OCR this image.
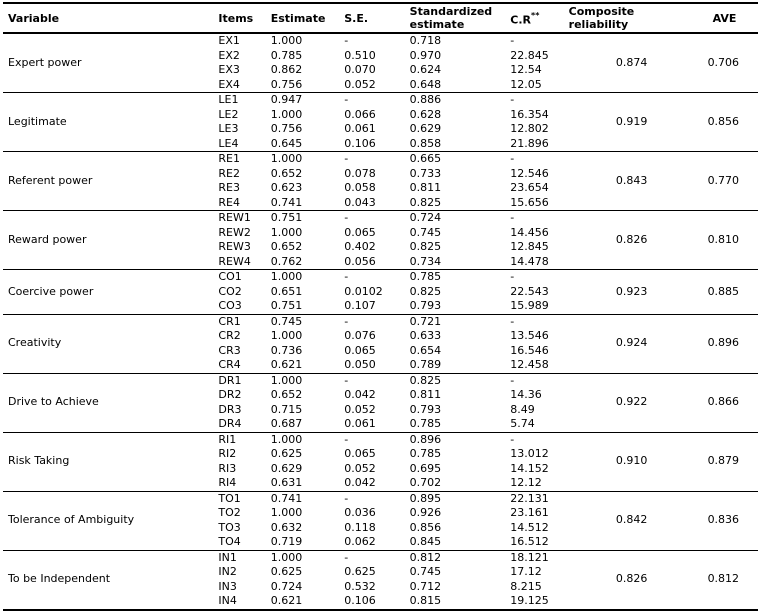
Variable	Items	Estimate	S.E.	Standardized estimate	C.R**	Composite reliability	AVE
Expert power	EX1	1.000	-	0.718	-	0.874	0.706
	EX2	0.785	0.510	0.970	22.845		
	EX3	0.862	0.070	0.624	12.54		
	EX4	0.756	0.052	0.648	12.05		
Legitimate	LE1	0.947	-	0.886	-	0.919	0.856
	LE2	1.000	0.066	0.628	16.354		
	LE3	0.756	0.061	0.629	12.802		
	LE4	0.645	0.106	0.858	21.896		
Referent power	RE1	1.000	-	0.665	-	0.843	0.770
	RE2	0.652	0.078	0.733	12.546		
	RE3	0.623	0.058	0.811	23.654		
	RE4	0.741	0.043	0.825	15.656		
Reward power	REW1	0.751	-	0.724	-	0.826	0.810
	REW2	1.000	0.065	0.745	14.456		
	REW3	0.652	0.402	0.825	12.845		
	REW4	0.762	0.056	0.734	14.478		
Coercive power	CO1	1.000	-	0.785	-	0.923	0.885
	CO2	0.651	0.0102	0.825	22.543		
	CO3	0.751	0.107	0.793	15.989		
Creativity	CR1	0.745	-	0.721	-	0.924	0.896
	CR2	1.000	0.076	0.633	13.546		
	CR3	0.736	0.065	0.654	16.546		
	CR4	0.621	0.050	0.789	12.458		
Drive to Achieve	DR1	1.000	-	0.825	-	0.922	0.866
	DR2	0.652	0.042	0.811	14.36		
	DR3	0.715	0.052	0.793	8.49		
	DR4	0.687	0.061	0.785	5.74		
Risk Taking	RI1	1.000	-	0.896	-	0.910	0.879
	RI2	0.625	0.065	0.785	13.012		
	RI3	0.629	0.052	0.695	14.152		
	RI4	0.631	0.042	0.702	12.12		
Tolerance of Ambiguity	TO1	0.741	-	0.895	22.131	0.842	0.836
	TO2	1.000	0.036	0.926	23.161		
	TO3	0.632	0.118	0.856	14.512		
	TO4	0.719	0.062	0.845	16.512		
To be Independent	IN1	1.000	-	0.812	18.121	0.826	0.812
	IN2	0.625	0.625	0.745	17.12		
	IN3	0.724	0.532	0.712	8.215		
	IN4	0.621	0.106	0.815	19.125		
